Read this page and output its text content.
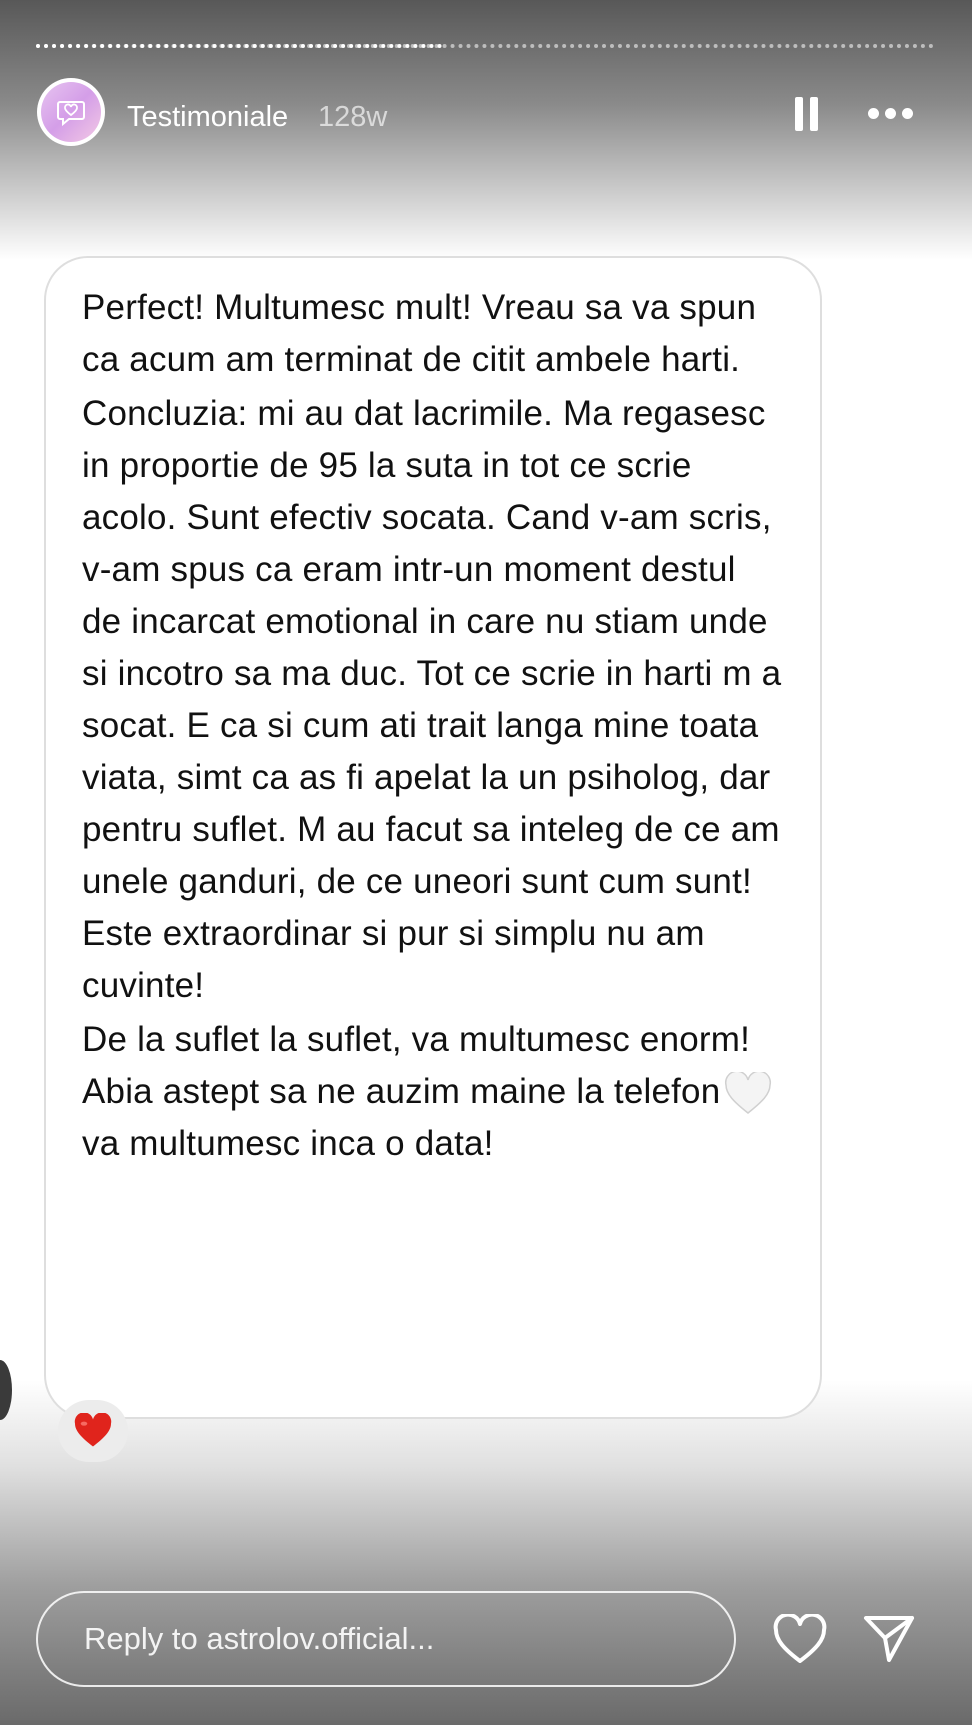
Testimoniale 128w

Perfect! Multumesc mult! Vreau sa va spun ca acum am terminat de citit ambele harti.

Concluzia: mi au dat lacrimile. Ma regasesc in proportie de 95 la suta in tot ce scrie acolo. Sunt efectiv socata. Cand v-am scris, v-am spus ca eram intr-un moment destul de incarcat emotional in care nu stiam unde si incotro sa ma duc. Tot ce scrie in harti m a socat. E ca si cum ati trait langa mine toata viata, simt ca as fi apelat la un psiholog, dar pentru suflet. M au facut sa inteleg de ce am unele ganduri, de ce uneori sunt cum sunt! Este extraordinar si pur si simplu nu am cuvinte!

De la suflet la suflet, va multumesc enorm! Abia astept sa ne auzim maine la telefon va multumesc inca o data!

Reply to astrolov.official...
